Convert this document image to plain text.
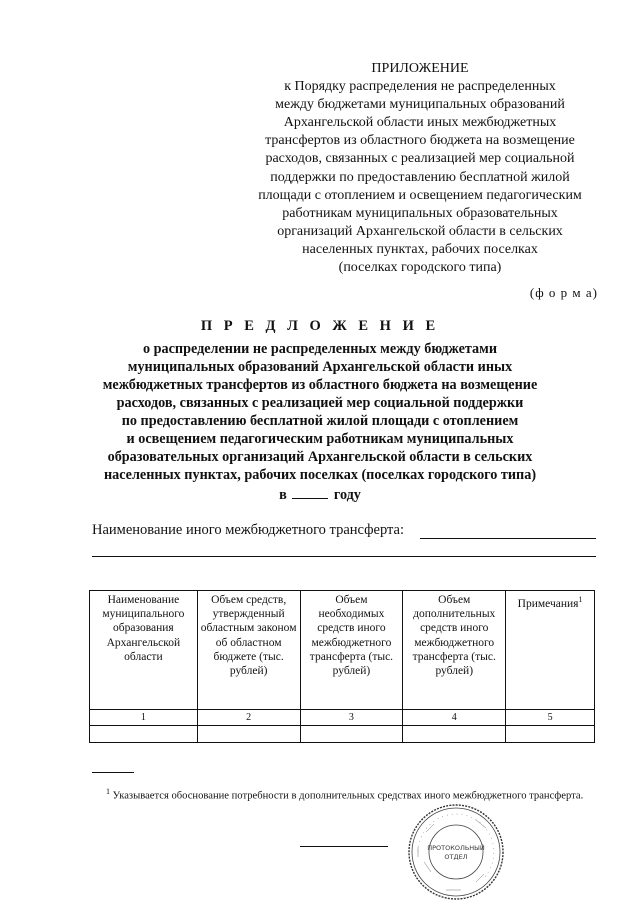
ПРИЛОЖЕНИЕ
к Порядку распределения не распределенных
между бюджетами муниципальных образований
Архангельской области иных межбюджетных
трансфертов из областного бюджета на возмещение
расходов, связанных с реализацией мер социальной
поддержки по предоставлению бесплатной жилой
площади с отоплением и освещением педагогическим
работникам муниципальных образовательных
организаций Архангельской области в сельских
населенных пунктах, рабочих поселках
(поселках городского типа)
(ф о р м а)
П Р Е Д Л О Ж Е Н И Е
о распределении не распределенных между бюджетами
муниципальных образований Архангельской области иных
межбюджетных трансфертов из областного бюджета на возмещение
расходов, связанных с реализацией мер социальной поддержки
по предоставлению бесплатной жилой площади с отоплением
и освещением педагогическим работникам муниципальных
образовательных организаций Архангельской области в сельских
населенных пунктах, рабочих поселках (поселках городского типа)
в	году
Наименование иного межбюджетного трансферта:
Наименование муниципального образования Архангельской области	Объем средств, утвержденный областным законом об областном бюджете (тыс. рублей)	Объем необходимых средств иного межбюджетного трансферта (тыс. рублей)	Объем дополнительных средств иного межбюджетного трансферта (тыс. рублей)	Примечания$^1$
1	2	3	4	5

$^1$ Указывается обоснование потребности в дополнительных средствах иного межбюджетного трансферта.
· · · · · · · · · · · · · · · · · · · · · · · · · · · · · ·
ПРОТОКОЛЬНЫЙ
ОТДЕЛ
